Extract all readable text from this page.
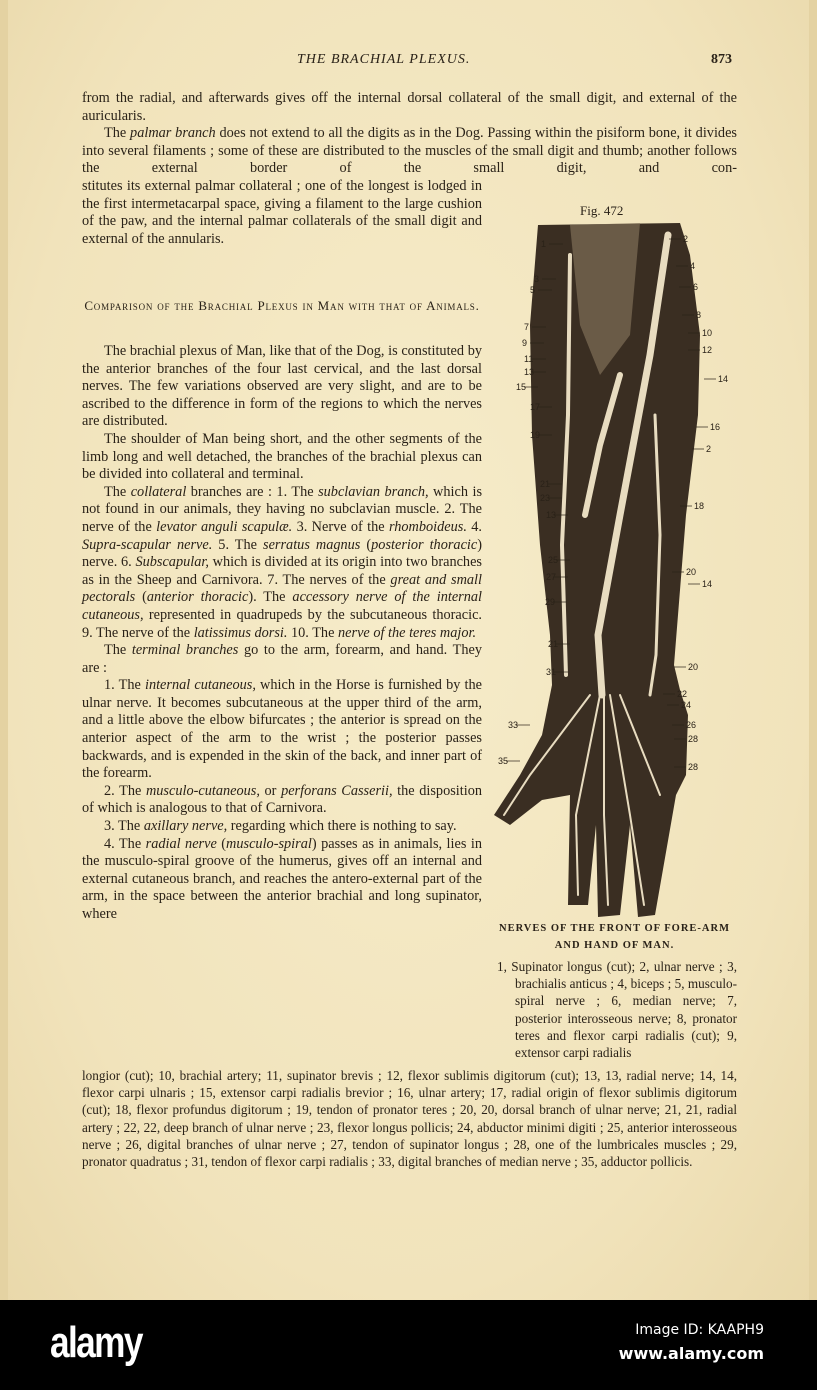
THE BRACHIAL PLEXUS.	873

from the radial, and afterwards gives off the internal dorsal collateral of the small digit, and external of the auricularis.

The palmar branch does not extend to all the digits as in the Dog. Passing within the pisiform bone, it divides into several filaments ; some of these are distributed to the muscles of the small digit and thumb; another follows the external border of the small digit, and con-

stitutes its external palmar collateral ; one of the longest is lodged in the first intermetacarpal space, giving a filament to the large cushion of the paw, and the internal palmar collaterals of the small digit and external of the annularis.

Comparison of the Brachial Plexus in Man with that of Animals.

The brachial plexus of Man, like that of the Dog, is constituted by the anterior branches of the four last cervical, and the last dorsal nerves. The few variations observed are very slight, and are to be ascribed to the difference in form of the regions to which the nerves are distributed.

The shoulder of Man being short, and the other segments of the limb long and well detached, the branches of the brachial plexus can be divided into collateral and terminal.

The collateral branches are : 1. The subclavian branch, which is not found in our animals, they having no subclavian muscle. 2. The nerve of the levator anguli scapulæ. 3. Nerve of the rhomboideus. 4. Supra-scapular nerve. 5. The serratus magnus (posterior thoracic) nerve. 6. Subscapular, which is divided at its origin into two branches as in the Sheep and Carnivora. 7. The nerves of the great and small pectorals (anterior thoracic). The accessory nerve of the internal cutaneous, represented in quadrupeds by the subcutaneous thoracic. 9. The nerve of the latissimus dorsi. 10. The nerve of the teres major.

The terminal branches go to the arm, forearm, and hand. They are :

1. The internal cutaneous, which in the Horse is furnished by the ulnar nerve. It becomes subcutaneous at the upper third of the arm, and a little above the elbow bifurcates ; the anterior is spread on the anterior aspect of the arm to the wrist ; the posterior passes backwards, and is expended in the skin of the back, and inner part of the forearm.

2. The musculo-cutaneous, or perforans Casserii, the disposition of which is analogous to that of Carnivora.

3. The axillary nerve, regarding which there is nothing to say.

4. The radial nerve (musculo-spiral) passes as in animals, lies in the musculo-spiral groove of the humerus, gives off an internal and external cutaneous branch, and reaches the antero-external part of the arm, in the space between the anterior brachial and long supinator, where

Fig. 472
1
3
5
7
9
11
13
15
17
19
21
23
13
25
27
29
21
31
33
35
2
4
6
8
10
12
14
16
2
18
20
14
20
22
24
26
28
28
NERVES OF THE FRONT OF FORE-ARM AND HAND OF MAN.

1, Supinator longus (cut); 2, ulnar nerve ; 3, brachialis anticus ; 4, biceps ; 5, musculo-spiral nerve ; 6, median nerve; 7, posterior interosseous nerve; 8, pronator teres and flexor carpi radialis (cut); 9, extensor carpi radialis

longior (cut); 10, brachial artery; 11, supinator brevis ; 12, flexor sublimis digitorum (cut); 13, 13, radial nerve; 14, 14, flexor carpi ulnaris ; 15, extensor carpi radialis brevior ; 16, ulnar artery; 17, radial origin of flexor sublimis digitorum (cut); 18, flexor profundus digitorum ; 19, tendon of pronator teres ; 20, 20, dorsal branch of ulnar nerve; 21, 21, radial artery ; 22, 22, deep branch of ulnar nerve ; 23, flexor longus pollicis; 24, abductor minimi digiti ; 25, anterior interosseous nerve ; 26, digital branches of ulnar nerve ; 27, tendon of supinator longus ; 28, one of the lumbricales muscles ; 29, pronator quadratus ; 31, tendon of flexor carpi radialis ; 33, digital branches of median nerve ; 35, adductor pollicis.

alamy	Image ID: KAAPH9
www.alamy.com
